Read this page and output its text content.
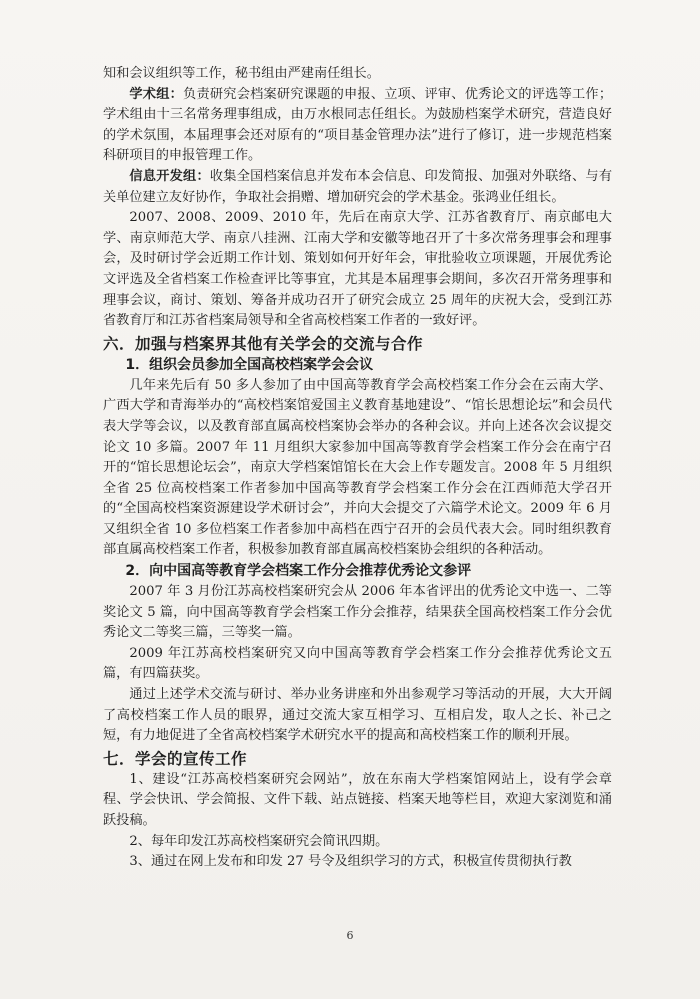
知和会议组织等工作，秘书组由严建南任组长。

学术组：负责研究会档案研究课题的申报、立项、评审、优秀论文的评选等工作；学术组由十三名常务理事组成，由万水根同志任组长。为鼓励档案学术研究，营造良好的学术氛围，本届理事会还对原有的“项目基金管理办法”进行了修订，进一步规范档案科研项目的申报管理工作。

信息开发组：收集全国档案信息并发布本会信息、印发简报、加强对外联络、与有关单位建立友好协作，争取社会捐赠、增加研究会的学术基金。张鸿业任组长。

2007、2008、2009、2010 年，先后在南京大学、江苏省教育厅、南京邮电大学、南京师范大学、南京八挂洲、江南大学和安徽等地召开了十多次常务理事会和理事会，及时研讨学会近期工作计划、策划如何开好年会，审批验收立项课题，开展优秀论文评选及全省档案工作检查评比等事宜，尤其是本届理事会期间，多次召开常务理事和理事会议，商讨、策划、筹备并成功召开了研究会成立 25 周年的庆祝大会，受到江苏省教育厅和江苏省档案局领导和全省高校档案工作者的一致好评。

六．加强与档案界其他有关学会的交流与合作
1．组织会员参加全国高校档案学会会议

几年来先后有 50 多人参加了由中国高等教育学会高校档案工作分会在云南大学、广西大学和青海举办的“高校档案馆爱国主义教育基地建设”、“馆长思想论坛”和会员代表大学等会议，以及教育部直属高校档案协会举办的各种会议。并向上述各次会议提交论文 10 多篇。2007 年 11 月组织大家参加中国高等教育学会档案工作分会在南宁召开的“馆长思想论坛会”，南京大学档案馆馆长在大会上作专题发言。2008 年 5 月组织全省 25 位高校档案工作者参加中国高等教育学会档案工作分会在江西师范大学召开的“全国高校档案资源建设学术研讨会”，并向大会提交了六篇学术论文。2009 年 6 月又组织全省 10 多位档案工作者参加中高档在西宁召开的会员代表大会。同时组织教育部直属高校档案工作者，积极参加教育部直属高校档案协会组织的各种活动。

2．向中国高等教育学会档案工作分会推荐优秀论文参评

2007 年 3 月份江苏高校档案研究会从 2006 年本省评出的优秀论文中选一、二等奖论文 5 篇，向中国高等教育学会档案工作分会推荐，结果获全国高校档案工作分会优秀论文二等奖三篇，三等奖一篇。

2009 年江苏高校档案研究又向中国高等教育学会档案工作分会推荐优秀论文五篇，有四篇获奖。

通过上述学术交流与研讨、举办业务讲座和外出参观学习等活动的开展，大大开阔了高校档案工作人员的眼界，通过交流大家互相学习、互相启发，取人之长、补己之短，有力地促进了全省高校档案学术研究水平的提高和高校档案工作的顺利开展。

七．学会的宣传工作

1、建设“江苏高校档案研究会网站”，放在东南大学档案馆网站上，设有学会章程、学会快讯、学会简报、文件下载、站点链接、档案天地等栏目，欢迎大家浏览和涌跃投稿。

2、每年印发江苏高校档案研究会简讯四期。

3、通过在网上发布和印发 27 号令及组织学习的方式，积极宣传贯彻执行教

6
